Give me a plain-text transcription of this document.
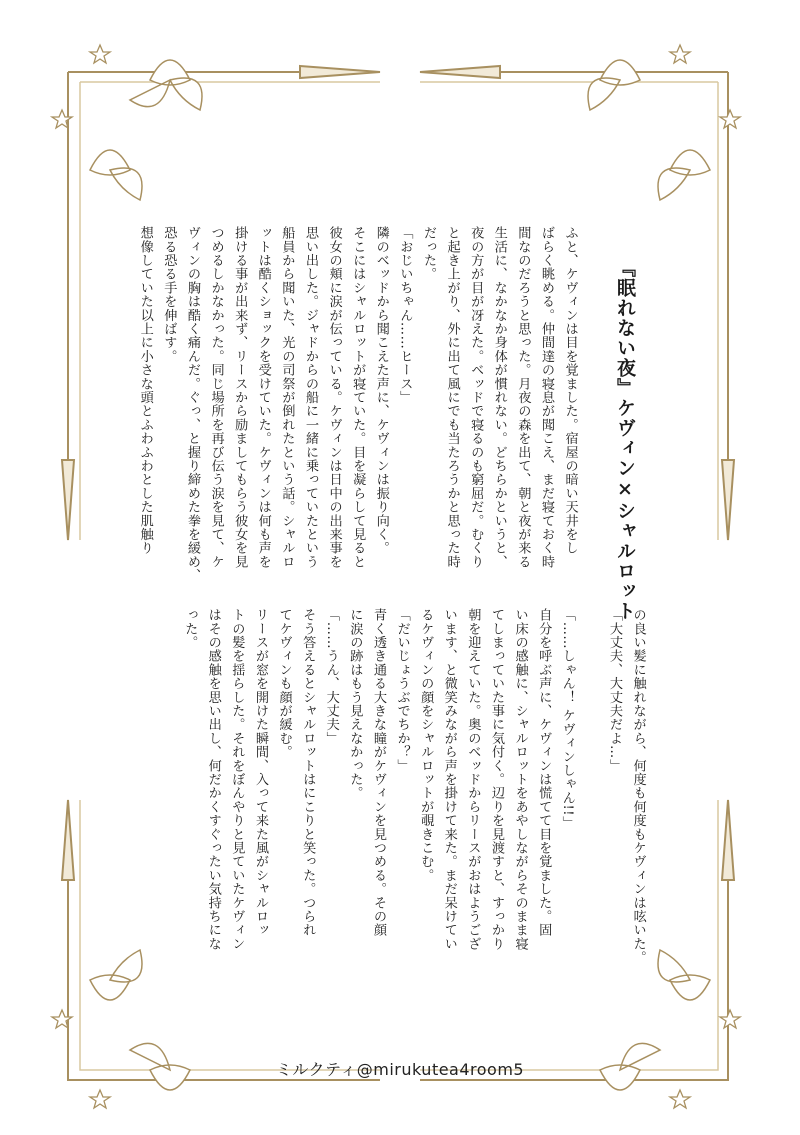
『眠れない夜』ケヴィン×シャルロット
ふと、ケヴィンは目を覚ました。宿屋の暗い天井をし
ばらく眺める。仲間達の寝息が聞こえ、まだ寝ておく時
間なのだろうと思った。月夜の森を出て、朝と夜が来る
生活に、なかなか身体が慣れない。どちらかというと、
夜の方が目が冴えた。ベッドで寝るのも窮屈だ。むくり
と起き上がり、外に出て風にでも当たろうかと思った時
だった。
「おじいちゃん……ヒース」
隣のベッドから聞こえた声に、ケヴィンは振り向く。
そこにはシャルロットが寝ていた。目を凝らして見ると
彼女の頬に涙が伝っている。ケヴィンは日中の出来事を
思い出した。ジャドからの船に一緒に乗っていたという
船員から聞いた、光の司祭が倒れたという話。シャルロ
ットは酷くショックを受けていた。ケヴィンは何も声を
掛ける事が出来ず、リースから励ましてもらう彼女を見
つめるしかなかった。同じ場所を再び伝う涙を見て、ケ
ヴィンの胸は酷く痛んだ。ぐっ、と握り締めた拳を緩め、
恐る恐る手を伸ばす。
想像していた以上に小さな頭とふわふわとした肌触り
の良い髪に触れながら、何度も何度もケヴィンは呟いた。
「大丈夫、大丈夫だよ…」
「……しゃん！ ケヴィンしゃん!!」
自分を呼ぶ声に、ケヴィンは慌てて目を覚ました。固
い床の感触に、シャルロットをあやしながらそのまま寝
てしまっていた事に気付く。辺りを見渡すと、すっかり
朝を迎えていた。奥のベッドからリースがおはようござ
います、と微笑みながら声を掛けて来た。まだ呆けてい
るケヴィンの顔をシャルロットが覗きこむ。
「だいじょうぶでちか？」
青く透き通る大きな瞳がケヴィンを見つめる。その顔
に涙の跡はもう見えなかった。
「……うん、大丈夫」
そう答えるとシャルロットはにこりと笑った。つられ
てケヴィンも顔が緩む。
リースが窓を開けた瞬間、入って来た風がシャルロッ
トの髪を揺らした。それをぼんやりと見ていたケヴィン
はその感触を思い出し、何だかくすぐったい気持ちにな
った。
ミルクティ@mirukutea4room5
